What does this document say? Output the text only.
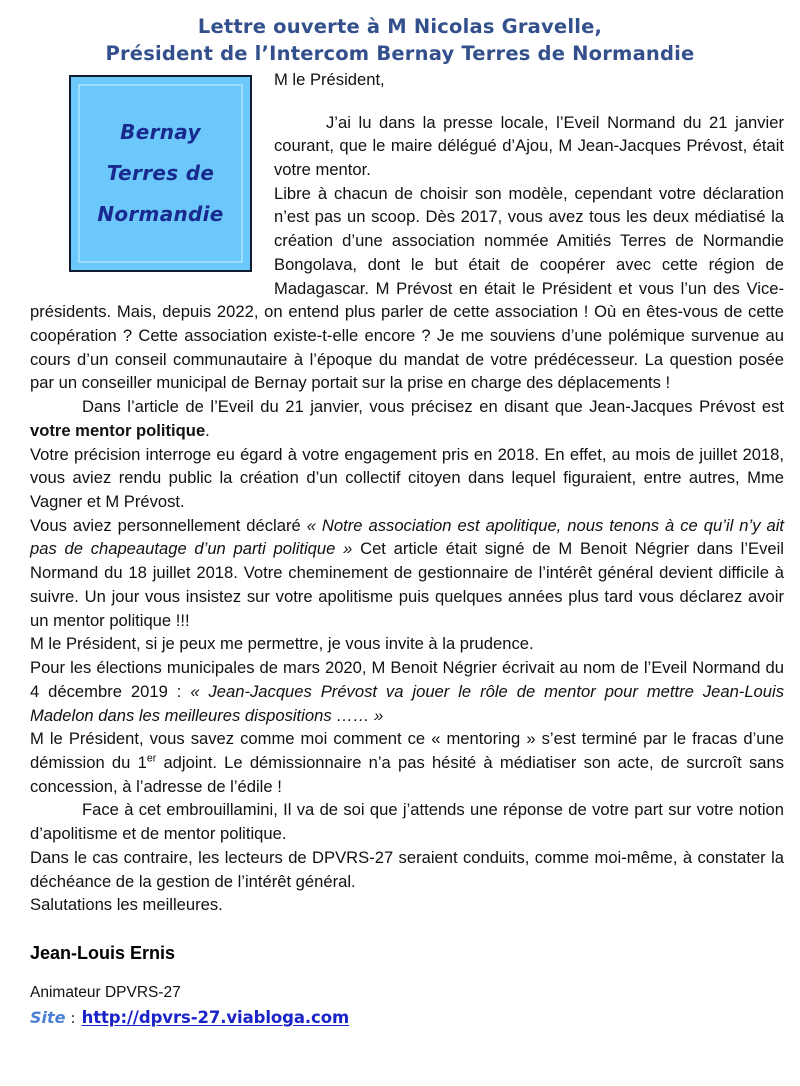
Lettre ouverte à M Nicolas Gravelle,
Président de l’Intercom Bernay Terres de Normandie
Bernay
Terres de
Normandie

M le Président,

J’ai lu dans la presse locale, l’Eveil Normand du 21 janvier courant, que le maire délégué d’Ajou, M Jean-Jacques Prévost, était votre mentor.

Libre à chacun de choisir son modèle, cependant votre déclaration n’est pas un scoop. Dès 2017, vous avez tous les deux médiatisé la création d’une association nommée Amitiés Terres de Normandie Bongolava, dont le but était de coopérer avec cette région de Madagascar. M Prévost en était le Président et vous l’un des Vice-présidents. Mais, depuis 2022, on entend plus parler de cette association ! Où en êtes-vous de cette coopération ? Cette association existe-t-elle encore ? Je me souviens d’une polémique survenue au cours d’un conseil communautaire à l’époque du mandat de votre prédécesseur. La question posée par un conseiller municipal de Bernay portait sur la prise en charge des déplacements !

Dans l’article de l’Eveil du 21 janvier, vous précisez en disant que Jean-Jacques Prévost est votre mentor politique.

Votre précision interroge eu égard à votre engagement pris en 2018. En effet, au mois de juillet 2018, vous aviez rendu public la création d’un collectif citoyen dans lequel figuraient, entre autres, Mme Vagner et M Prévost.

Vous aviez personnellement déclaré « Notre association est apolitique, nous tenons à ce qu’il n’y ait pas de chapeautage d’un parti politique » Cet article était signé de M Benoit Négrier dans l’Eveil Normand du 18 juillet 2018. Votre cheminement de gestionnaire de l’intérêt général devient difficile à suivre. Un jour vous insistez sur votre apolitisme puis quelques années plus tard vous déclarez avoir un mentor politique !!!

M le Président, si je peux me permettre, je vous invite à la prudence.

Pour les élections municipales de mars 2020, M Benoit Négrier écrivait au nom de l’Eveil Normand du 4 décembre 2019 : « Jean-Jacques Prévost va jouer le rôle de mentor pour mettre Jean-Louis Madelon dans les meilleures dispositions …… »

M le Président, vous savez comme moi comment ce « mentoring » s’est terminé par le fracas d’une démission du 1er adjoint. Le démissionnaire n’a pas hésité à médiatiser son acte, de surcroît sans concession, à l’adresse de l’édile !

Face à cet embrouillamini, Il va de soi que j’attends une réponse de votre part sur votre notion d’apolitisme et de mentor politique.

Dans le cas contraire, les lecteurs de DPVRS-27 seraient conduits, comme moi-même, à constater la déchéance de la gestion de l’intérêt général.

Salutations les meilleures.

Jean-Louis Ernis
Animateur DPVRS-27
Site : http://dpvrs-27.viabloga.com
